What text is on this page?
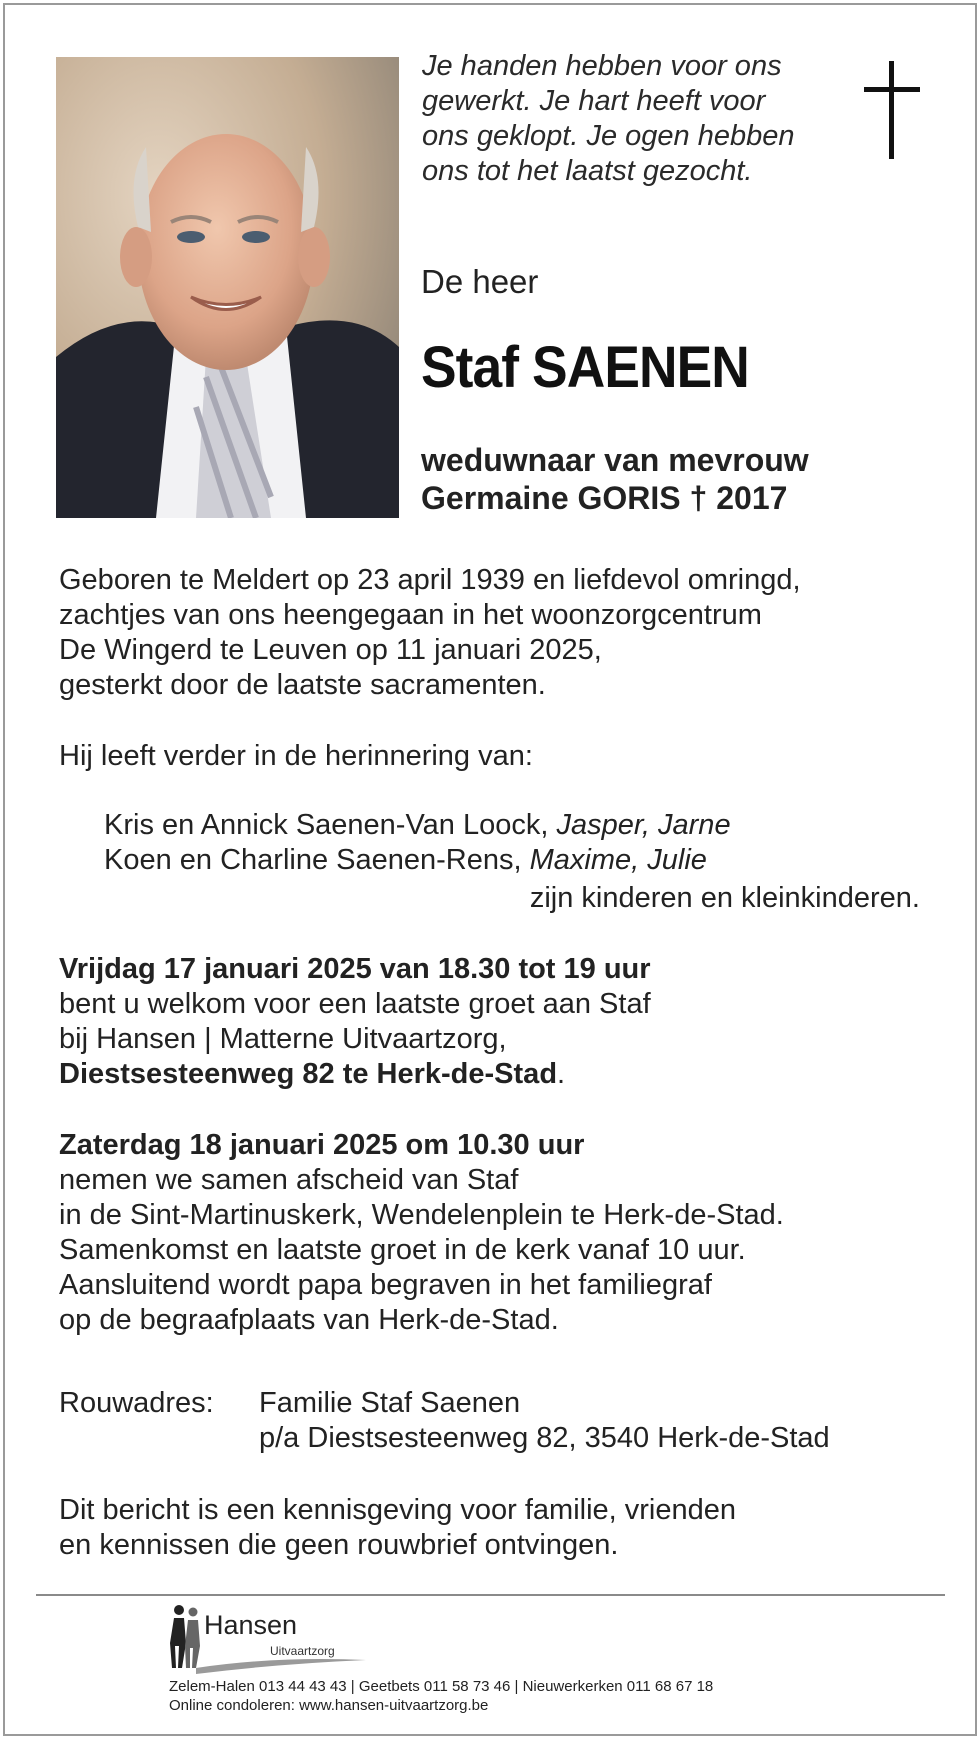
Je handen hebben voor ons
gewerkt. Je hart heeft voor
ons geklopt. Je ogen hebben
ons tot het laatst gezocht.
De heer
Staf SAENEN
weduwnaar van mevrouw
Germaine GORIS † 2017
Geboren te Meldert op 23 april 1939 en liefdevol omringd,
zachtjes van ons heengegaan in het woonzorgcentrum
De Wingerd te Leuven op 11 januari 2025,
gesterkt door de laatste sacramenten.
Hij leeft verder in de herinnering van:
Kris en Annick Saenen-Van Loock, Jasper, Jarne
Koen en Charline Saenen-Rens, Maxime, Julie
zijn kinderen en kleinkinderen.
Vrijdag 17 januari 2025 van 18.30 tot 19 uur
bent u welkom voor een laatste groet aan Staf
bij Hansen | Matterne Uitvaartzorg,
Diestsesteenweg 82 te Herk-de-Stad.
Zaterdag 18 januari 2025 om 10.30 uur
nemen we samen afscheid van Staf
in de Sint-Martinuskerk, Wendelenplein te Herk-de-Stad.
Samenkomst en laatste groet in de kerk vanaf 10 uur.
Aansluitend wordt papa begraven in het familiegraf
op de begraafplaats van Herk-de-Stad.
Rouwadres: Familie Staf Saenen
p/a Diestsesteenweg 82, 3540 Herk-de-Stad
Dit bericht is een kennisgeving voor familie, vrienden
en kennissen die geen rouwbrief ontvingen.
Hansen
Uitvaartzorg
Zelem-Halen 013 44 43 43 | Geetbets 011 58 73 46 | Nieuwerkerken 011 68 67 18
Online condoleren: www.hansen-uitvaartzorg.be
